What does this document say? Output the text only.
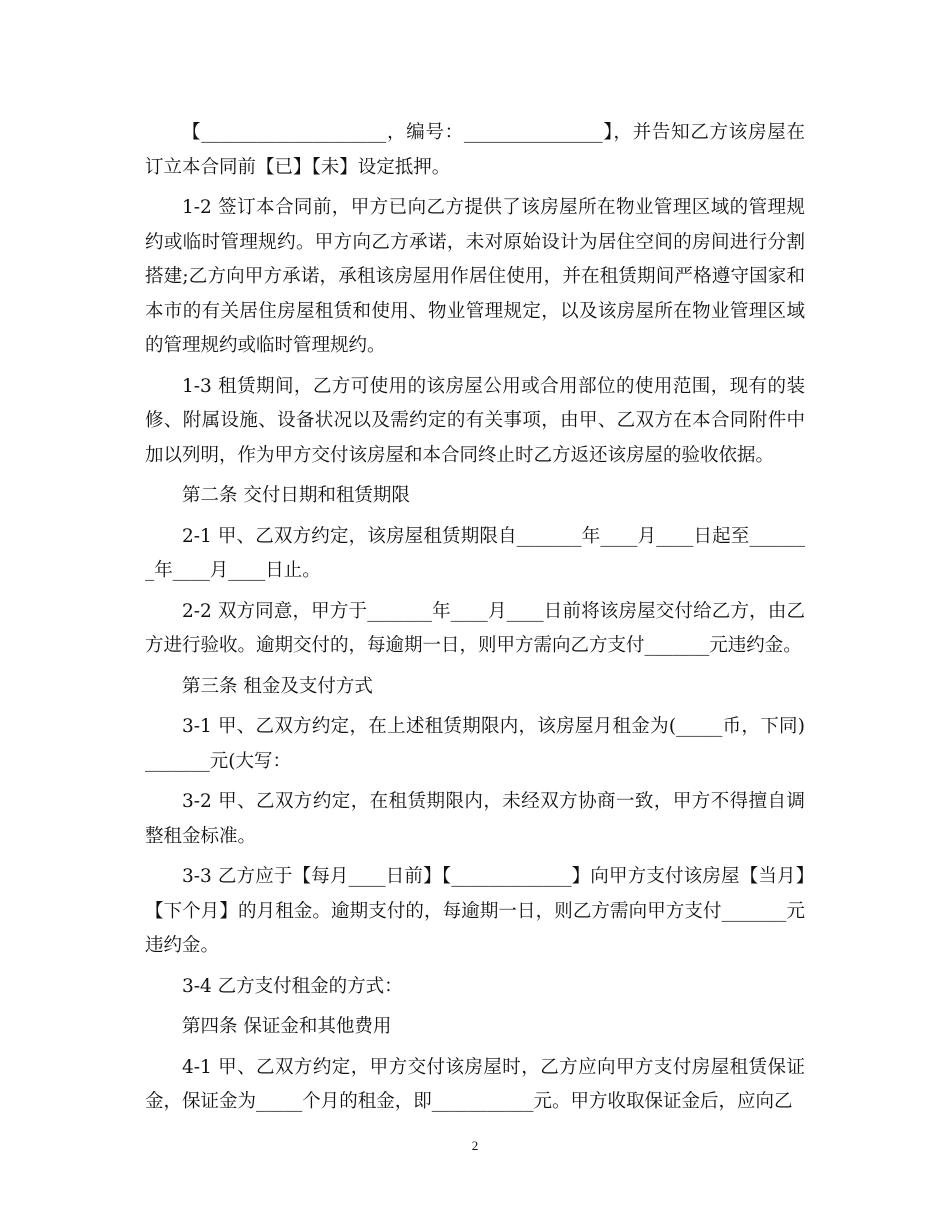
【____________________，编号：_______________】，并告知乙方该房屋在订立本合同前【已】【未】设定抵押。

1-2 签订本合同前，甲方已向乙方提供了该房屋所在物业管理区域的管理规约或临时管理规约。甲方向乙方承诺，未对原始设计为居住空间的房间进行分割搭建;乙方向甲方承诺，承租该房屋用作居住使用，并在租赁期间严格遵守国家和本市的有关居住房屋租赁和使用、物业管理规定，以及该房屋所在物业管理区域的管理规约或临时管理规约。

1-3 租赁期间，乙方可使用的该房屋公用或合用部位的使用范围，现有的装修、附属设施、设备状况以及需约定的有关事项，由甲、乙双方在本合同附件中加以列明，作为甲方交付该房屋和本合同终止时乙方返还该房屋的验收依据。

第二条 交付日期和租赁期限

2-1 甲、乙双方约定，该房屋租赁期限自_______年____月____日起至_______年____月____日止。

2-2 双方同意，甲方于_______年____月____日前将该房屋交付给乙方，由乙方进行验收。逾期交付的，每逾期一日，则甲方需向乙方支付_______元违约金。

第三条 租金及支付方式

3-1 甲、乙双方约定，在上述租赁期限内，该房屋月租金为(_____币，下同)_______元(大写：

3-2 甲、乙双方约定，在租赁期限内，未经双方协商一致，甲方不得擅自调整租金标准。

3-3 乙方应于【每月____日前】【_____________】向甲方支付该房屋【当月】【下个月】的月租金。逾期支付的，每逾期一日，则乙方需向甲方支付_______元违约金。

3-4 乙方支付租金的方式：

第四条 保证金和其他费用

4-1 甲、乙双方约定，甲方交付该房屋时，乙方应向甲方支付房屋租赁保证金，保证金为_____个月的租金，即___________元。甲方收取保证金后，应向乙

2
